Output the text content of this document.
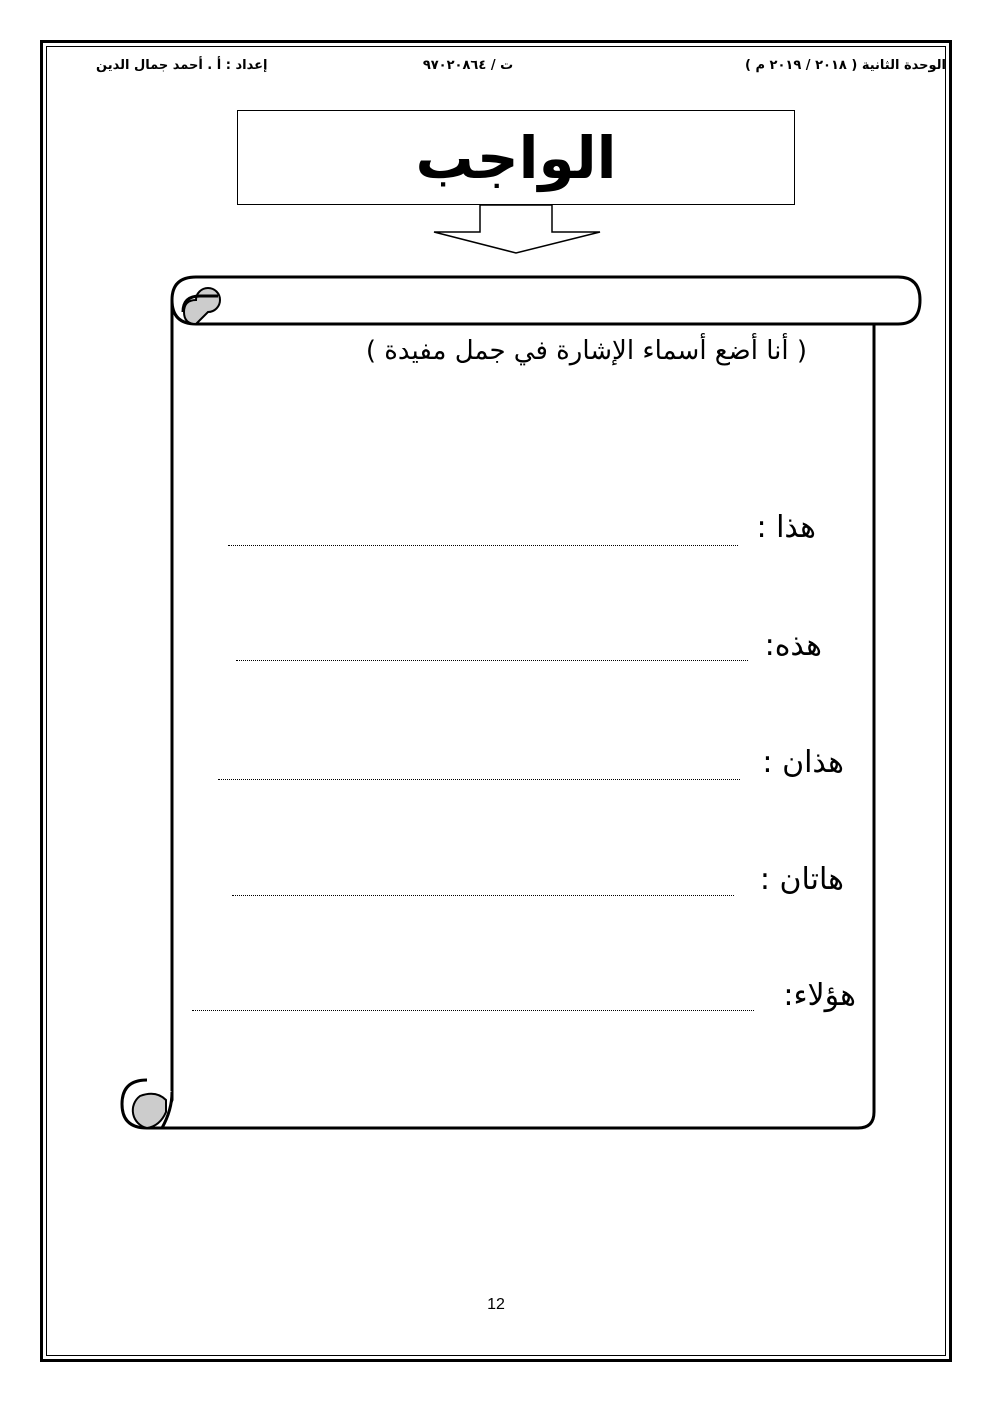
الوحدة الثانية ( ٢٠١٨ / ٢٠١٩ م )
ت / ٩٧٠٢٠٨٦٤
إعداد : أ . أحمد جمال الدين
الواجب
( أنا أضع أسماء الإشارة في جمل مفيدة )
هذا :
هذه:
هذان :
هاتان :
هؤلاء:
12
